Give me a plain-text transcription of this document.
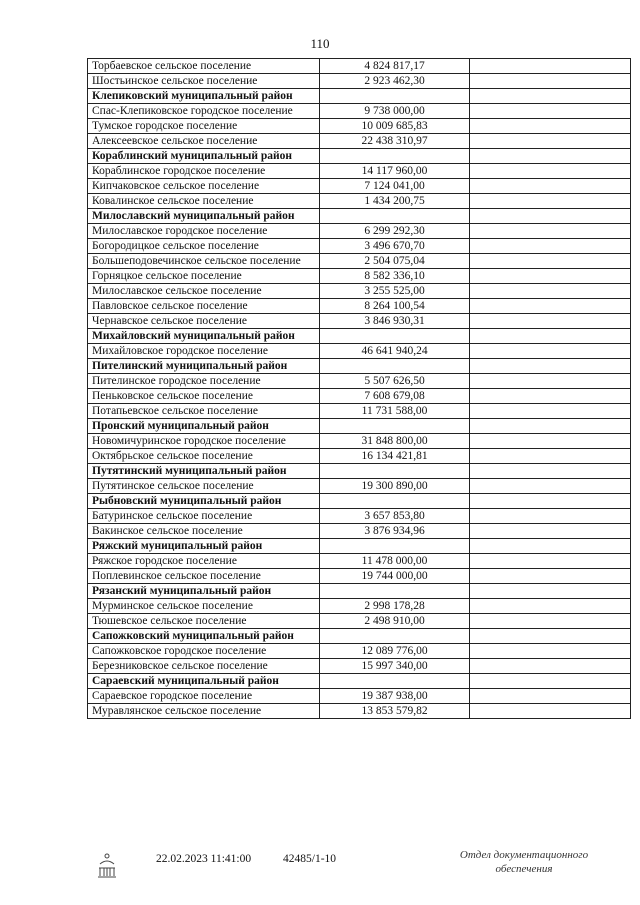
110
Торбаевское сельское поселение	4 824 817,17	
Шостьинское сельское поселение	2 923 462,30	
Клепиковский муниципальный район		
Спас-Клепиковское городское поселение	9 738 000,00	
Тумское городское поселение	10 009 685,83	
Алексеевское сельское поселение	22 438 310,97	
Кораблинский муниципальный район		
Кораблинское городское поселение	14 117 960,00	
Кипчаковское сельское поселение	7 124 041,00	
Ковалинское сельское поселение	1 434 200,75	
Милославский муниципальный район		
Милославское городское поселение	6 299 292,30	
Богородицкое сельское поселение	3 496 670,70	
Большеподовечинское сельское поселение	2 504 075,04	
Горняцкое сельское поселение	8 582 336,10	
Милославское сельское поселение	3 255 525,00	
Павловское сельское поселение	8 264 100,54	
Чернавское сельское поселение	3 846 930,31	
Михайловский муниципальный район		
Михайловское городское поселение	46 641 940,24	
Пителинский муниципальный район		
Пителинское городское поселение	5 507 626,50	
Пеньковское сельское поселение	7 608 679,08	
Потапьевское сельское поселение	11 731 588,00	
Пронский муниципальный район		
Новомичуринское городское поселение	31 848 800,00	
Октябрьское сельское поселение	16 134 421,81	
Путятинский муниципальный район		
Путятинское сельское поселение	19 300 890,00	
Рыбновский муниципальный район		
Батуринское сельское поселение	3 657 853,80	
Вакинское сельское поселение	3 876 934,96	
Ряжский муниципальный район		
Ряжское городское поселение	11 478 000,00	
Поплевинское сельское поселение	19 744 000,00	
Рязанский муниципальный район		
Мурминское сельское поселение	2 998 178,28	
Тюшевское сельское поселение	2 498 910,00	
Сапожковский муниципальный район		
Сапожковское городское поселение	12 089 776,00	
Березниковское сельское поселение	15 997 340,00	
Сараевский муниципальный район		
Сараевское городское поселение	19 387 938,00	
Муравлянское сельское поселение	13 853 579,82	
22.02.2023 11:41:00	42485/1-10	Отдел документационного
обеспечения
